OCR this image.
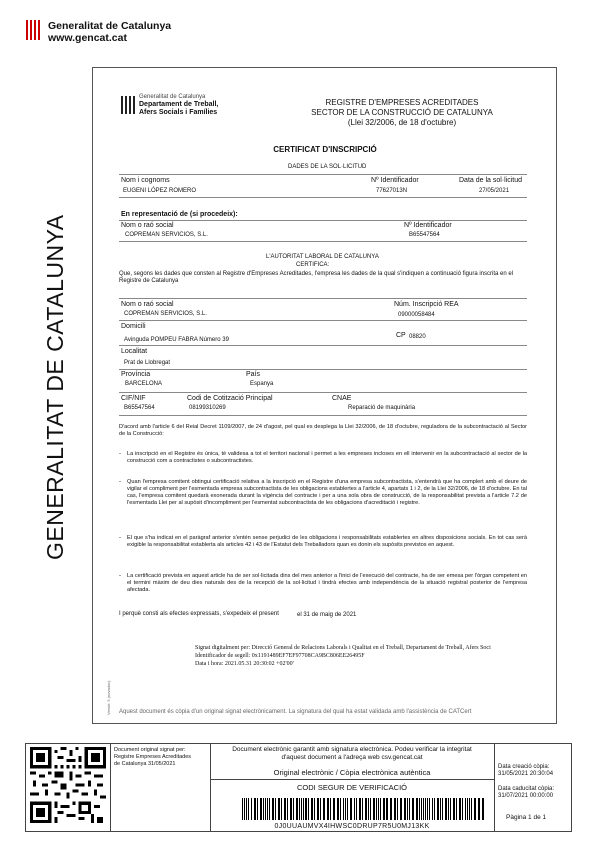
Generalitat de Catalunya
www.gencat.cat
GENERALITAT DE CATALUNYA
Generalitat de Catalunya
Departament de Treball,
Afers Socials i Famílies
REGISTRE D'EMPRESES ACREDITADES
SECTOR DE LA CONSTRUCCIÓ DE CATALUNYA
(Llei 32/2006, de 18 d'octubre)
CERTIFICAT D'INSCRIPCIÓ
DADES DE LA SOL·LICITUD
Nom i cognoms	Nº Identificador	Data de la sol·licitud
EUGENI LÓPEZ ROMERO	77627013N	27/05/2021
En representació de (si procedeix):
Nom o raó social	Nº Identificador
COPREMAN SERVICIOS, S.L.	B65547564
L'AUTORITAT LABORAL DE CATALUNYA
CERTIFICA:
Que, segons les dades que consten al Registre d'Empreses Acreditades, l'empresa les dades de la qual s'indiquen a continuació figura inscrita en el Registre de Catalunya
Nom o raó social	Núm. Inscripció REA
COPREMAN SERVICIOS, S.L.	09000058484
Domicili
Avinguda POMPEU FABRA Número 39
CP 08820
Localitat
Prat de Llobregat
Província	País
BARCELONA	Espanya
CIF/NIF	Codi de Cotització Principal	CNAE
B65547564	08199310269	Reparació de maquinària
D'acord amb l'article 6 del Reial Decret 1109/2007, de 24 d'agost, pel qual es desplega la Llei 32/2006, de 18 d'octubre, reguladora de la subcontractació al Sector de la Construcció:
- La inscripció en el Registre és única, té validesa a tot el territori nacional i permet a les empreses incloses en ell intervenir en la subcontractació al sector de la construcció com a contractistes o subcontractistes.
- Quan l'empresa comitent obtingui certificació relativa a la inscripció en el Registre d'una empresa subcontractista, s'entendrà que ha complert amb el deure de vigilar el compliment per l'esmentada empresa subcontractista de les obligacions establertes a l'article 4, apartats 1 i 2, de la Llei 32/2006, de 18 d'octubre. En tal cas, l'empresa comitent quedarà exonerada durant la vigència del contracte i per a una sola obra de construcció, de la responsabilitat prevista a l'article 7.2 de l'esmentada Llei per al supòsit d'incompliment per l'esmentat subcontractista de les obligacions d'acreditació i registre.
- El que s'ha indicat en el paràgraf anterior s'entén sense perjudici de les obligacions i responsabilitats establertes en altres disposicions socials. En tot cas serà exigible la responsabilitat establerta als articles 42 i 43 de l'Estatut dels Treballadors quan es donin els supòsits previstos en aquest.
- La certificació prevista en aquest article ha de ser sol·licitada dins del mes anterior a l'inici de l'execució del contracte, ha de ser emesa per l'òrgan competent en el termini màxim de deu dies naturals des de la recepció de la sol·licitud i tindrà efectes amb independència de la situació registral posterior de l'empresa afectada.
I perquè consti als efectes expressats, s'expedeix el present	el 31 de maig de 2021
Signat digitalment per: Direcció General de Relacions Laborals i Qualitat en el Treball, Departament de Treball, Afers Soci
Identificador de segell: 0x1191489EF7EF97708CA9BC806EE26495F
Data i hora: 2021.05.31 20:30:02 +02'00'
Versió: 5 (novadoc) Aquest document és còpia d'un original signat electrònicament. La signatura del qual ha estat validada amb l'assistència de CATCert
Document original signat per:
Registre Empreses Acreditades
de Catalunya 31/05/2021
Document electrònic garantit amb signatura electrònica. Podeu verificar la integritat
d'aquest document a l'adreça web csv.gencat.cat
Original electrònic / Còpia electrònica autèntica
CODI SEGUR DE VERIFICACIÓ
0J0UUAUMVX4IHWSC0DRUP7R5U0MJ13KK
Data creació còpia:
31/05/2021 20:30:04
Data caducitat còpia:
31/07/2021 00:00:00
Pàgina 1 de 1
